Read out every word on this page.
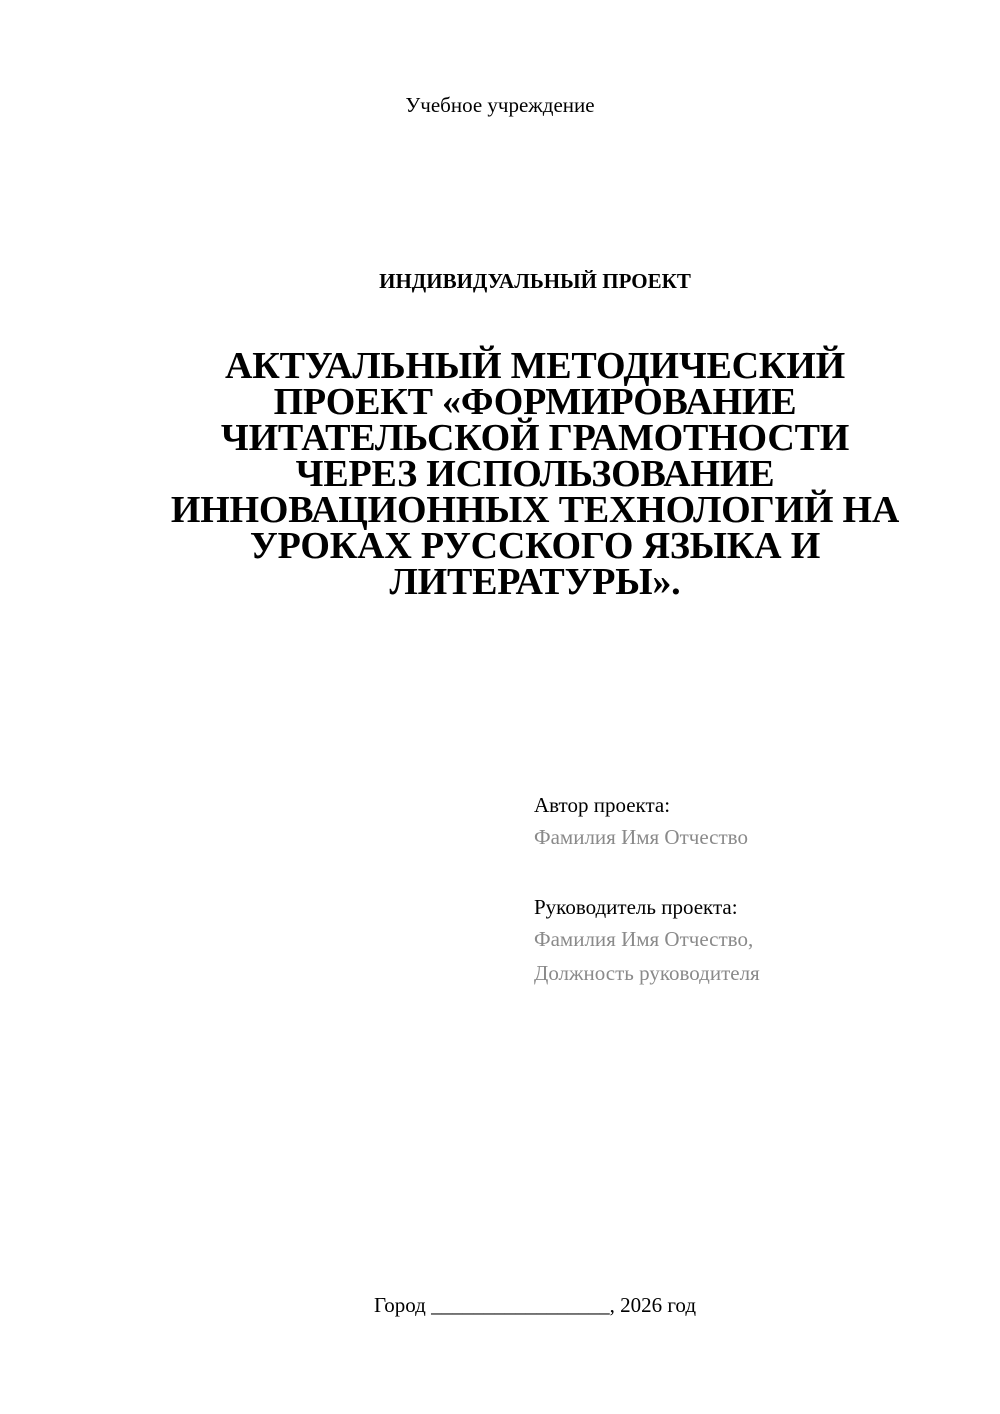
Учебное учреждение
ИНДИВИДУАЛЬНЫЙ ПРОЕКТ
АКТУАЛЬНЫЙ МЕТОДИЧЕСКИЙ
ПРОЕКТ «ФОРМИРОВАНИЕ
ЧИТАТЕЛЬСКОЙ ГРАМОТНОСТИ
ЧЕРЕЗ ИСПОЛЬЗОВАНИЕ
ИННОВАЦИОННЫХ ТЕХНОЛОГИЙ НА
УРОКАХ РУССКОГО ЯЗЫКА И
ЛИТЕРАТУРЫ».
Автор проекта:
Фамилия Имя Отчество
Руководитель проекта:
Фамилия Имя Отчество,
Должность руководителя
Город _________________, 2026 год
